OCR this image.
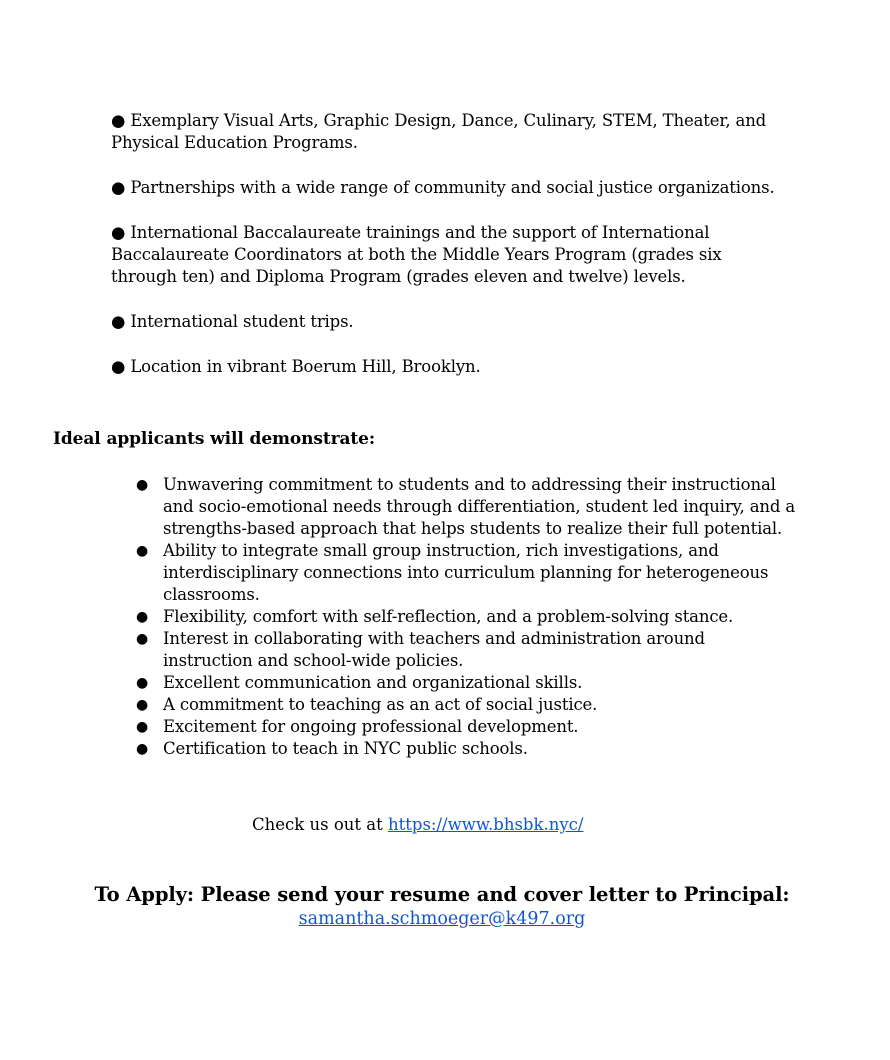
● Exemplary Visual Arts, Graphic Design, Dance, Culinary, STEM, Theater, and Physical Education Programs.

● Partnerships with a wide range of community and social justice organizations.

● International Baccalaureate trainings and the support of International Baccalaureate Coordinators at both the Middle Years Program (grades six through ten) and Diploma Program (grades eleven and twelve) levels.

● International student trips.

● Location in vibrant Boerum Hill, Brooklyn.

Ideal applicants will demonstrate:
● Unwavering commitment to students and to addressing their instructional and socio-emotional needs through differentiation, student led inquiry, and a strengths-based approach that helps students to realize their full potential.
● Ability to integrate small group instruction, rich investigations, and interdisciplinary connections into curriculum planning for heterogeneous classrooms.
● Flexibility, comfort with self-reflection, and a problem-solving stance.
● Interest in collaborating with teachers and administration around instruction and school-wide policies.
● Excellent communication and organizational skills.
● A commitment to teaching as an act of social justice.
● Excitement for ongoing professional development.
● Certification to teach in NYC public schools.
Check us out at https://www.bhsbk.nyc/
To Apply: Please send your resume and cover letter to Principal:
samantha.schmoeger@k497.org
